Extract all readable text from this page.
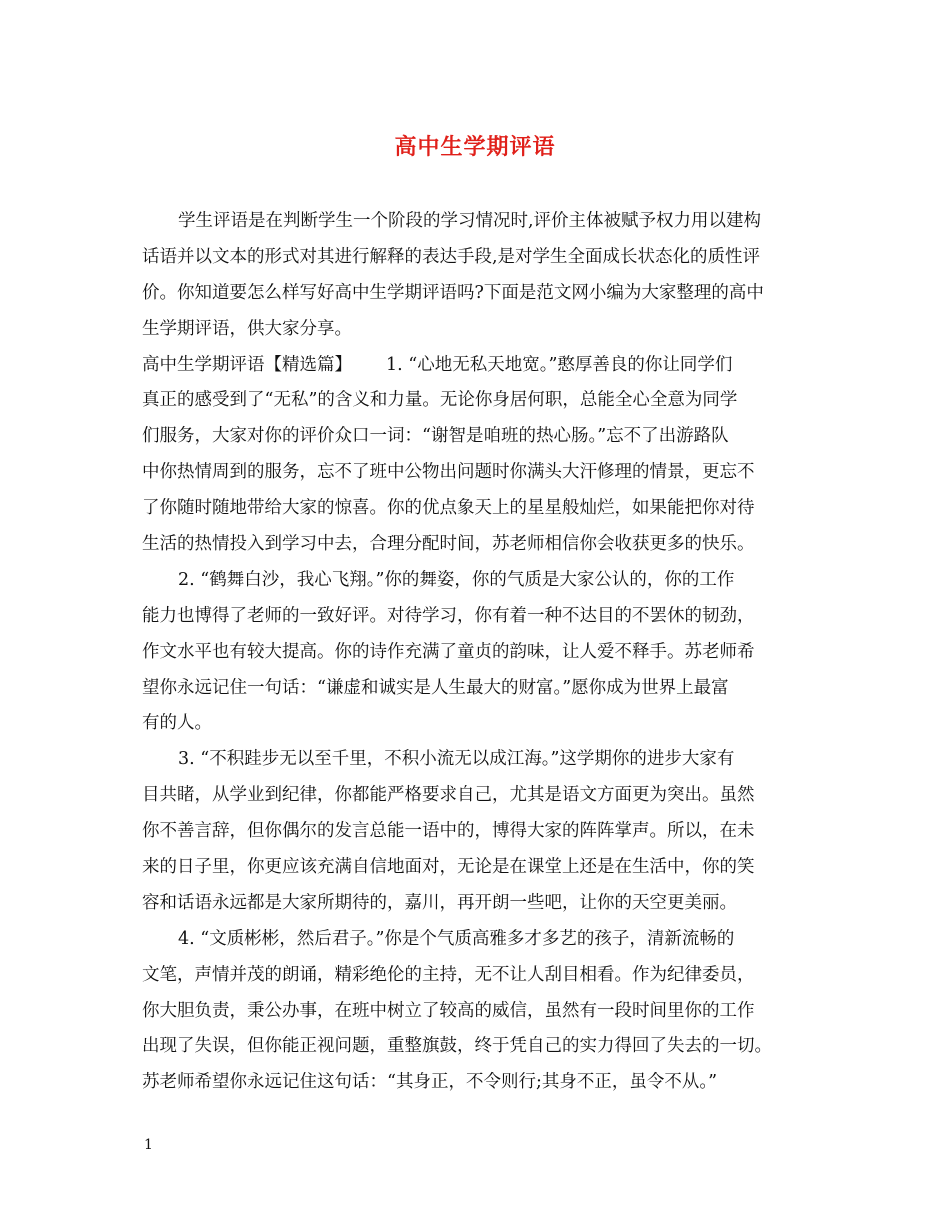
高中生学期评语
学生评语是在判断学生一个阶段的学习情况时,评价主体被赋予权力用以建构
话语并以文本的形式对其进行解释的表达手段,是对学生全面成长状态化的质性评
价。你知道要怎么样写好高中生学期评语吗?下面是范文网小编为大家整理的高中
生学期评语，供大家分享。
高中生学期评语【精选篇】 1. “心地无私天地宽。”憨厚善良的你让同学们
真正的感受到了“无私”的含义和力量。无论你身居何职，总能全心全意为同学
们服务，大家对你的评价众口一词：“谢智是咱班的热心肠。”忘不了出游路队
中你热情周到的服务，忘不了班中公物出问题时你满头大汗修理的情景，更忘不
了你随时随地带给大家的惊喜。你的优点象天上的星星般灿烂，如果能把你对待
生活的热情投入到学习中去，合理分配时间，苏老师相信你会收获更多的快乐。
2. “鹤舞白沙，我心飞翔。”你的舞姿，你的气质是大家公认的，你的工作
能力也博得了老师的一致好评。对待学习，你有着一种不达目的不罢休的韧劲，
作文水平也有较大提高。你的诗作充满了童贞的韵味，让人爱不释手。苏老师希
望你永远记住一句话：“谦虚和诚实是人生最大的财富。”愿你成为世界上最富
有的人。
3. “不积跬步无以至千里，不积小流无以成江海。”这学期你的进步大家有
目共睹，从学业到纪律，你都能严格要求自己，尤其是语文方面更为突出。虽然
你不善言辞，但你偶尔的发言总能一语中的，博得大家的阵阵掌声。所以，在未
来的日子里，你更应该充满自信地面对，无论是在课堂上还是在生活中，你的笑
容和话语永远都是大家所期待的，嘉川，再开朗一些吧，让你的天空更美丽。
4. “文质彬彬，然后君子。”你是个气质高雅多才多艺的孩子，清新流畅的
文笔，声情并茂的朗诵，精彩绝伦的主持，无不让人刮目相看。作为纪律委员，
你大胆负责，秉公办事，在班中树立了较高的威信，虽然有一段时间里你的工作
出现了失误，但你能正视问题，重整旗鼓，终于凭自己的实力得回了失去的一切。
苏老师希望你永远记住这句话：“其身正，不令则行;其身不正，虽令不从。”
1
